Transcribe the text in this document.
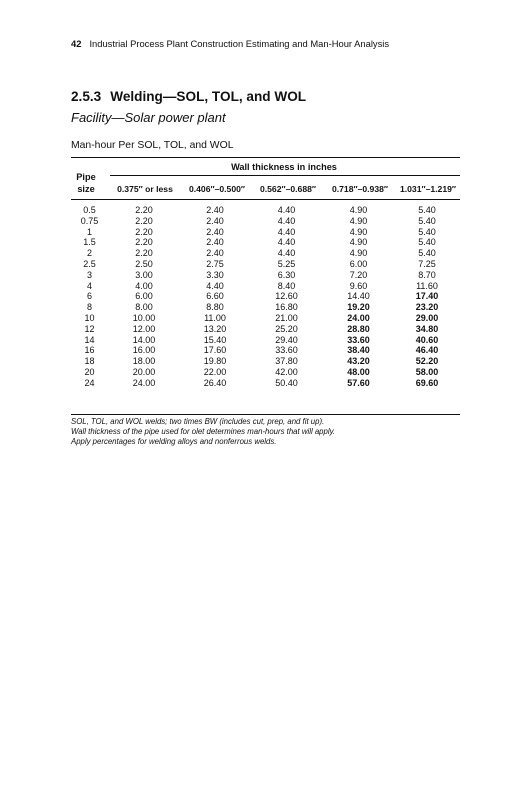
42 Industrial Process Plant Construction Estimating and Man-Hour Analysis
2.5.3 Welding—SOL, TOL, and WOL
Facility—Solar power plant
Man-hour Per SOL, TOL, and WOL
Pipe
size
Wall thickness in inches
0.375″ or less 0.406″–0.500″ 0.562″–0.688″ 0.718″–0.938″ 1.031″–1.219″
0.5	2.20	2.40	4.40	4.90	5.40
0.75	2.20	2.40	4.40	4.90	5.40
1	2.20	2.40	4.40	4.90	5.40
1.5	2.20	2.40	4.40	4.90	5.40
2	2.20	2.40	4.40	4.90	5.40
2.5	2.50	2.75	5.25	6.00	7.25
3	3.00	3.30	6.30	7.20	8.70
4	4.00	4.40	8.40	9.60	11.60
6	6.00	6.60	12.60	14.40	17.40
8	8.00	8.80	16.80	19.20	23.20
10	10.00	11.00	21.00	24.00	29.00
12	12.00	13.20	25.20	28.80	34.80
14	14.00	15.40	29.40	33.60	40.60
16	16.00	17.60	33.60	38.40	46.40
18	18.00	19.80	37.80	43.20	52.20
20	20.00	22.00	42.00	48.00	58.00
24	24.00	26.40	50.40	57.60	69.60
SOL, TOL, and WOL welds; two times BW (includes cut, prep, and fit up).
Wall thickness of the pipe used for olet determines man-hours that will apply.
Apply percentages for welding alloys and nonferrous welds.
